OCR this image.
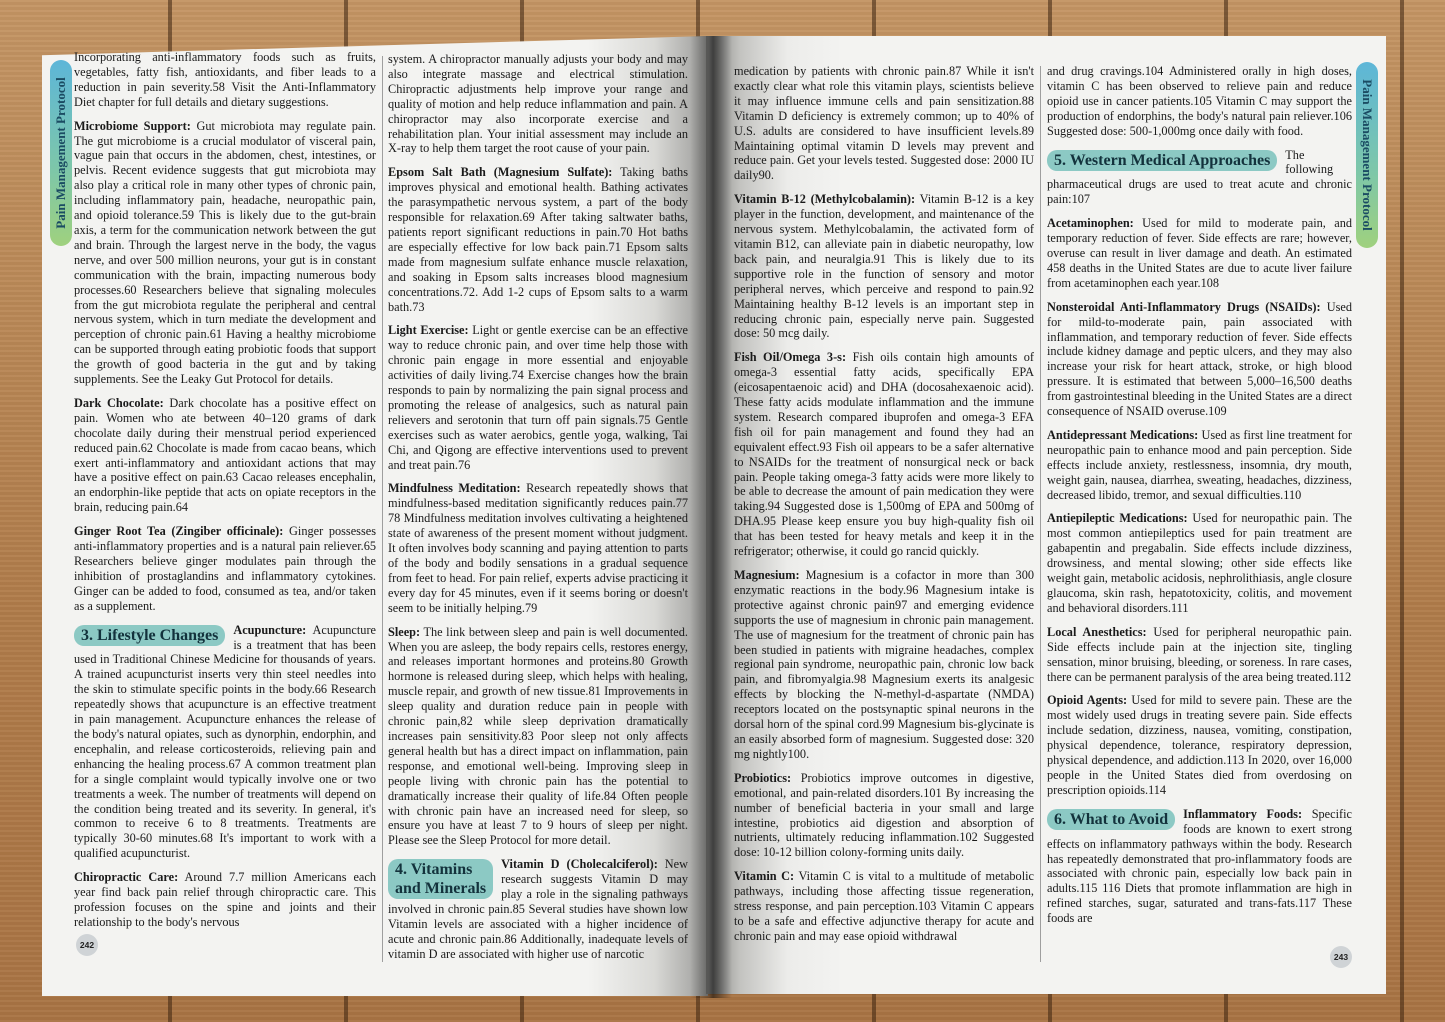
Pain Management Protocol	Pain Management Protocol

Incorporating anti-inflammatory foods such as fruits, vegetables, fatty fish, antioxidants, and fiber leads to a reduction in pain severity.58 Visit the Anti-Inflammatory Diet chapter for full details and dietary suggestions.

Microbiome Support: Gut microbiota may regulate pain. The gut microbiome is a crucial modulator of visceral pain, vague pain that occurs in the abdomen, chest, intestines, or pelvis. Recent evidence suggests that gut microbiota may also play a critical role in many other types of chronic pain, including inflammatory pain, headache, neuropathic pain, and opioid tolerance.59 This is likely due to the gut-brain axis, a term for the communication network between the gut and brain. Through the largest nerve in the body, the vagus nerve, and over 500 million neurons, your gut is in constant communication with the brain, impacting numerous body processes.60 Researchers believe that signaling molecules from the gut microbiota regulate the peripheral and central nervous system, which in turn mediate the development and perception of chronic pain.61 Having a healthy microbiome can be supported through eating probiotic foods that support the growth of good bacteria in the gut and by taking supplements. See the Leaky Gut Protocol for details.

Dark Chocolate: Dark chocolate has a positive effect on pain. Women who ate between 40–120 grams of dark chocolate daily during their menstrual period experienced reduced pain.62 Chocolate is made from cacao beans, which exert anti-inflammatory and antioxidant actions that may have a positive effect on pain.63 Cacao releases encephalin, an endorphin-like peptide that acts on opiate receptors in the brain, reducing pain.64

Ginger Root Tea (Zingiber officinale): Ginger possesses anti-inflammatory properties and is a natural pain reliever.65 Researchers believe ginger modulates pain through the inhibition of prostaglandins and inflammatory cytokines. Ginger can be added to food, consumed as tea, and/or taken as a supplement.

3. Lifestyle Changes	Acupuncture: Acupuncture is a treatment that has been used in Traditional Chinese Medicine for thousands of years. A trained acupuncturist inserts very thin steel needles into the skin to stimulate specific points in the body.66 Research repeatedly shows that acupuncture is an effective treatment in pain management. Acupuncture enhances the release of the body's natural opiates, such as dynorphin, endorphin, and encephalin, and release corticosteroids, relieving pain and enhancing the healing process.67 A common treatment plan for a single complaint would typically involve one or two treatments a week. The number of treatments will depend on the condition being treated and its severity. In general, it's common to receive 6 to 8 treatments. Treatments are typically 30-60 minutes.68 It's important to work with a qualified acupuncturist.

Chiropractic Care: Around 7.7 million Americans each year find back pain relief through chiropractic care. This profession focuses on the spine and joints and their relationship to the body's nervous

system. A chiropractor manually adjusts your body and may also integrate massage and electrical stimulation. Chiropractic adjustments help improve your range and quality of motion and help reduce inflammation and pain. A chiropractor may also incorporate exercise and a rehabilitation plan. Your initial assessment may include an X-ray to help them target the root cause of your pain.

Epsom Salt Bath (Magnesium Sulfate): Taking baths improves physical and emotional health. Bathing activates the parasympathetic nervous system, a part of the body responsible for relaxation.69 After taking saltwater baths, patients report significant reductions in pain.70 Hot baths are especially effective for low back pain.71 Epsom salts made from magnesium sulfate enhance muscle relaxation, and soaking in Epsom salts increases blood magnesium concentrations.72. Add 1-2 cups of Epsom salts to a warm bath.73

Light Exercise: Light or gentle exercise can be an effective way to reduce chronic pain, and over time help those with chronic pain engage in more essential and enjoyable activities of daily living.74 Exercise changes how the brain responds to pain by normalizing the pain signal process and promoting the release of analgesics, such as natural pain relievers and serotonin that turn off pain signals.75 Gentle exercises such as water aerobics, gentle yoga, walking, Tai Chi, and Qigong are effective interventions used to prevent and treat pain.76

Mindfulness Meditation: Research repeatedly shows that mindfulness-based meditation significantly reduces pain.77 78 Mindfulness meditation involves cultivating a heightened state of awareness of the present moment without judgment. It often involves body scanning and paying attention to parts of the body and bodily sensations in a gradual sequence from feet to head. For pain relief, experts advise practicing it every day for 45 minutes, even if it seems boring or doesn't seem to be initially helping.79

Sleep: The link between sleep and pain is well documented. When you are asleep, the body repairs cells, restores energy, and releases important hormones and proteins.80 Growth hormone is released during sleep, which helps with healing, muscle repair, and growth of new tissue.81 Improvements in sleep quality and duration reduce pain in people with chronic pain,82 while sleep deprivation dramatically increases pain sensitivity.83 Poor sleep not only affects general health but has a direct impact on inflammation, pain response, and emotional well-being. Improving sleep in people living with chronic pain has the potential to dramatically increase their quality of life.84 Often people with chronic pain have an increased need for sleep, so ensure you have at least 7 to 9 hours of sleep per night. Please see the Sleep Protocol for more detail.

4. Vitamins
and Minerals
Vitamin D (Cholecalciferol): New research suggests Vitamin D may play a role in the signaling pathways involved in chronic pain.85 Several studies have shown low Vitamin levels are associated with a higher incidence of acute and chronic pain.86 Additionally, inadequate levels of vitamin D are associated with higher use of narcotic

242

medication by patients with chronic pain.87 While it isn't exactly clear what role this vitamin plays, scientists believe it may influence immune cells and pain sensitization.88 Vitamin D deficiency is extremely common; up to 40% of U.S. adults are considered to have insufficient levels.89 Maintaining optimal vitamin D levels may prevent and reduce pain. Get your levels tested. Suggested dose: 2000 IU daily90.

Vitamin B-12 (Methylcobalamin): Vitamin B-12 is a key player in the function, development, and maintenance of the nervous system. Methylcobalamin, the activated form of vitamin B12, can alleviate pain in diabetic neuropathy, low back pain, and neuralgia.91 This is likely due to its supportive role in the function of sensory and motor peripheral nerves, which perceive and respond to pain.92 Maintaining healthy B-12 levels is an important step in reducing chronic pain, especially nerve pain. Suggested dose: 50 mcg daily.

Fish Oil/Omega 3-s: Fish oils contain high amounts of omega-3 essential fatty acids, specifically EPA (eicosapentaenoic acid) and DHA (docosahexaenoic acid). These fatty acids modulate inflammation and the immune system. Research compared ibuprofen and omega-3 EFA fish oil for pain management and found they had an equivalent effect.93 Fish oil appears to be a safer alternative to NSAIDs for the treatment of nonsurgical neck or back pain. People taking omega-3 fatty acids were more likely to be able to decrease the amount of pain medication they were taking.94 Suggested dose is 1,500mg of EPA and 500mg of DHA.95 Please keep ensure you buy high-quality fish oil that has been tested for heavy metals and keep it in the refrigerator; otherwise, it could go rancid quickly.

Magnesium: Magnesium is a cofactor in more than 300 enzymatic reactions in the body.96 Magnesium intake is protective against chronic pain97 and emerging evidence supports the use of magnesium in chronic pain management. The use of magnesium for the treatment of chronic pain has been studied in patients with migraine headaches, complex regional pain syndrome, neuropathic pain, chronic low back pain, and fibromyalgia.98 Magnesium exerts its analgesic effects by blocking the N-methyl-d-aspartate (NMDA) receptors located on the postsynaptic spinal neurons in the dorsal horn of the spinal cord.99 Magnesium bis-glycinate is an easily absorbed form of magnesium. Suggested dose: 320 mg nightly100.

Probiotics: Probiotics improve outcomes in digestive, emotional, and pain-related disorders.101 By increasing the number of beneficial bacteria in your small and large intestine, probiotics aid digestion and absorption of nutrients, ultimately reducing inflammation.102 Suggested dose: 10-12 billion colony-forming units daily.

Vitamin C: Vitamin C is vital to a multitude of metabolic pathways, including those affecting tissue regeneration, stress response, and pain perception.103 Vitamin C appears to be a safe and effective adjunctive therapy for acute and chronic pain and may ease opioid withdrawal

and drug cravings.104 Administered orally in high doses, vitamin C has been observed to relieve pain and reduce opioid use in cancer patients.105 Vitamin C may support the production of endorphins, the body's natural pain reliever.106 Suggested dose: 500-1,000mg once daily with food.

5. Western Medical Approaches	The following pharmaceutical drugs are used to treat acute and chronic pain:107

Acetaminophen: Used for mild to moderate pain, and temporary reduction of fever. Side effects are rare; however, overuse can result in liver damage and death. An estimated 458 deaths in the United States are due to acute liver failure from acetaminophen each year.108

Nonsteroidal Anti-Inflammatory Drugs (NSAIDs): Used for mild-to-moderate pain, pain associated with inflammation, and temporary reduction of fever. Side effects include kidney damage and peptic ulcers, and they may also increase your risk for heart attack, stroke, or high blood pressure. It is estimated that between 5,000–16,500 deaths from gastrointestinal bleeding in the United States are a direct consequence of NSAID overuse.109

Antidepressant Medications: Used as first line treatment for neuropathic pain to enhance mood and pain perception. Side effects include anxiety, restlessness, insomnia, dry mouth, weight gain, nausea, diarrhea, sweating, headaches, dizziness, decreased libido, tremor, and sexual difficulties.110

Antiepileptic Medications: Used for neuropathic pain. The most common antiepileptics used for pain treatment are gabapentin and pregabalin. Side effects include dizziness, drowsiness, and mental slowing; other side effects like weight gain, metabolic acidosis, nephrolithiasis, angle closure glaucoma, skin rash, hepatotoxicity, colitis, and movement and behavioral disorders.111

Local Anesthetics: Used for peripheral neuropathic pain. Side effects include pain at the injection site, tingling sensation, minor bruising, bleeding, or soreness. In rare cases, there can be permanent paralysis of the area being treated.112

Opioid Agents: Used for mild to severe pain. These are the most widely used drugs in treating severe pain. Side effects include sedation, dizziness, nausea, vomiting, constipation, physical dependence, tolerance, respiratory depression, physical dependence, and addiction.113 In 2020, over 16,000 people in the United States died from overdosing on prescription opioids.114

6. What to Avoid	Inflammatory Foods: Specific foods are known to exert strong effects on inflammatory pathways within the body. Research has repeatedly demonstrated that pro-inflammatory foods are associated with chronic pain, especially low back pain in adults.115 116 Diets that promote inflammation are high in refined starches, sugar, saturated and trans-fats.117 These foods are

243
